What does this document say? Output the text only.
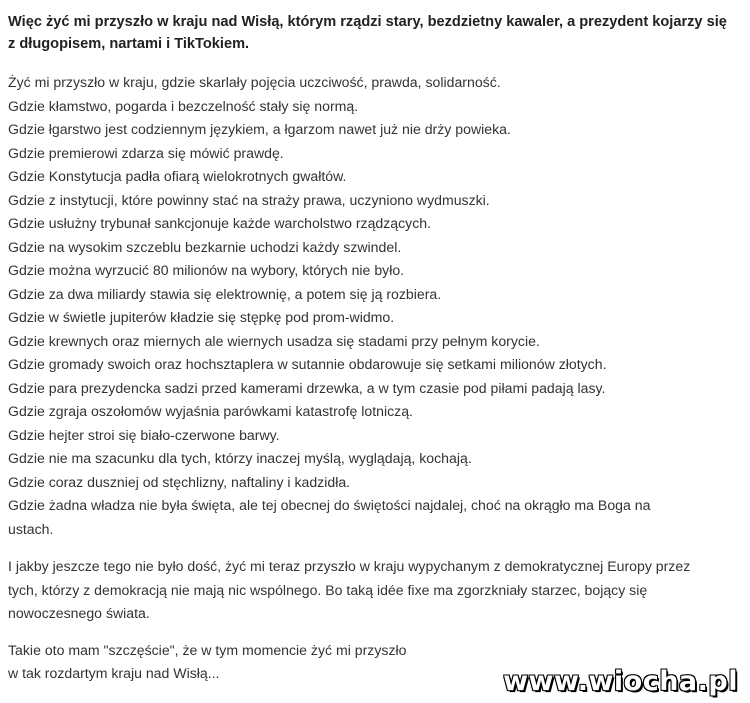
Więc żyć mi przyszło w kraju nad Wisłą, którym rządzi stary, bezdzietny kawaler, a prezydent kojarzy się z długopisem, nartami i TikTokiem.

Żyć mi przyszło w kraju, gdzie skarlały pojęcia uczciwość, prawda, solidarność.
Gdzie kłamstwo, pogarda i bezczelność stały się normą.
Gdzie łgarstwo jest codziennym językiem, a łgarzom nawet już nie drży powieka.
Gdzie premierowi zdarza się mówić prawdę.
Gdzie Konstytucja padła ofiarą wielokrotnych gwałtów.
Gdzie z instytucji, które powinny stać na straży prawa, uczyniono wydmuszki.
Gdzie usłużny trybunał sankcjonuje każde warcholstwo rządzących.
Gdzie na wysokim szczeblu bezkarnie uchodzi każdy szwindel.
Gdzie można wyrzucić 80 milionów na wybory, których nie było.
Gdzie za dwa miliardy stawia się elektrownię, a potem się ją rozbiera.
Gdzie w świetle jupiterów kładzie się stępkę pod prom-widmo.
Gdzie krewnych oraz miernych ale wiernych usadza się stadami przy pełnym korycie.
Gdzie gromady swoich oraz hochsztaplera w sutannie obdarowuje się setkami milionów złotych.
Gdzie para prezydencka sadzi przed kamerami drzewka, a w tym czasie pod piłami padają lasy.
Gdzie zgraja oszołomów wyjaśnia parówkami katastrofę lotniczą.
Gdzie hejter stroi się biało-czerwone barwy.
Gdzie nie ma szacunku dla tych, którzy inaczej myślą, wyglądają, kochają.
Gdzie coraz duszniej od stęchlizny, naftaliny i kadzidła.
Gdzie żadna władza nie była święta, ale tej obecnej do świętości najdalej, choć na okrągło ma Boga na
ustach.
I jakby jeszcze tego nie było dość, żyć mi teraz przyszło w kraju wypychanym z demokratycznej Europy przez
tych, którzy z demokracją nie mają nic wspólnego. Bo taką idée fixe ma zgorzkniały starzec, bojący się
nowoczesnego świata.
Takie oto mam "szczęście", że w tym momencie żyć mi przyszło
w tak rozdartym kraju nad Wisłą...	www.wiocha.pl
